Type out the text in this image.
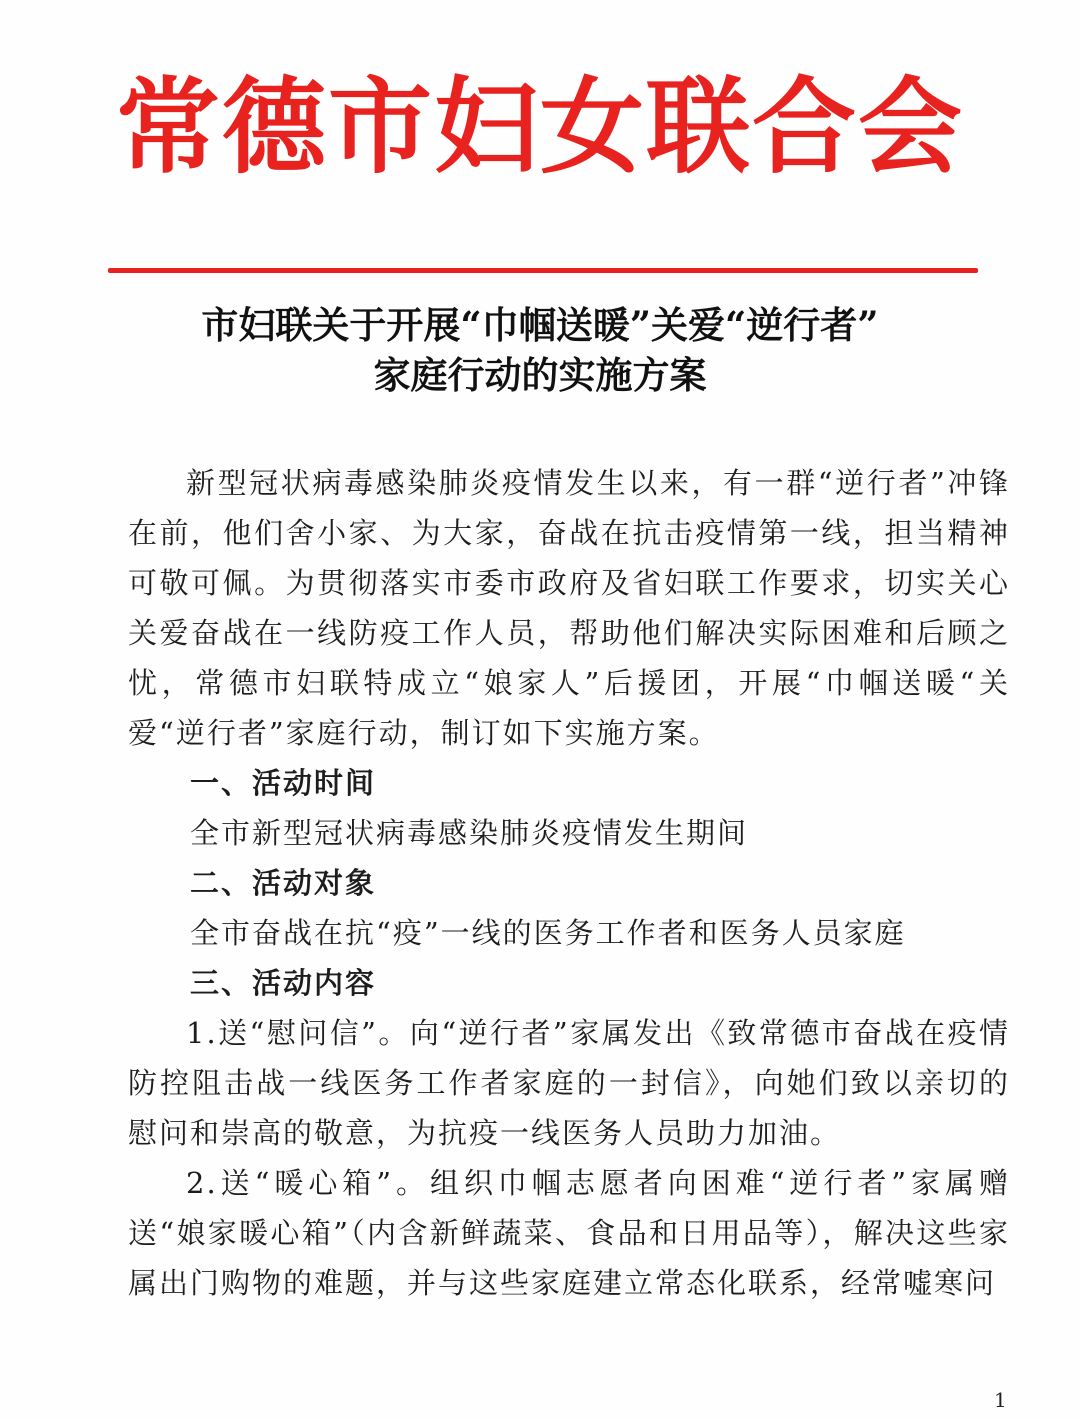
常德市妇女联合会
市妇联关于开展“巾帼送暖”关爱“逆行者”
家庭行动的实施方案

新型冠状病毒感染肺炎疫情发生以来，有一群“逆行者”冲锋在前，他们舍小家、为大家，奋战在抗击疫情第一线，担当精神可敬可佩。为贯彻落实市委市政府及省妇联工作要求，切实关心关爱奋战在一线防疫工作人员，帮助他们解决实际困难和后顾之忧，常德市妇联特成立“娘家人”后援团，开展“巾帼送暖“关爱“逆行者”家庭行动，制订如下实施方案。

一、活动时间

全市新型冠状病毒感染肺炎疫情发生期间

二、活动对象

全市奋战在抗“疫”一线的医务工作者和医务人员家庭

三、活动内容

1.送“慰问信”。向“逆行者”家属发出《致常德市奋战在疫情防控阻击战一线医务工作者家庭的一封信》，向她们致以亲切的慰问和崇高的敬意，为抗疫一线医务人员助力加油。

2.送“暖心箱”。组织巾帼志愿者向困难“逆行者”家属赠送“娘家暖心箱”（内含新鲜蔬菜、食品和日用品等），解决这些家属出门购物的难题，并与这些家庭建立常态化联系，经常嘘寒问

1
